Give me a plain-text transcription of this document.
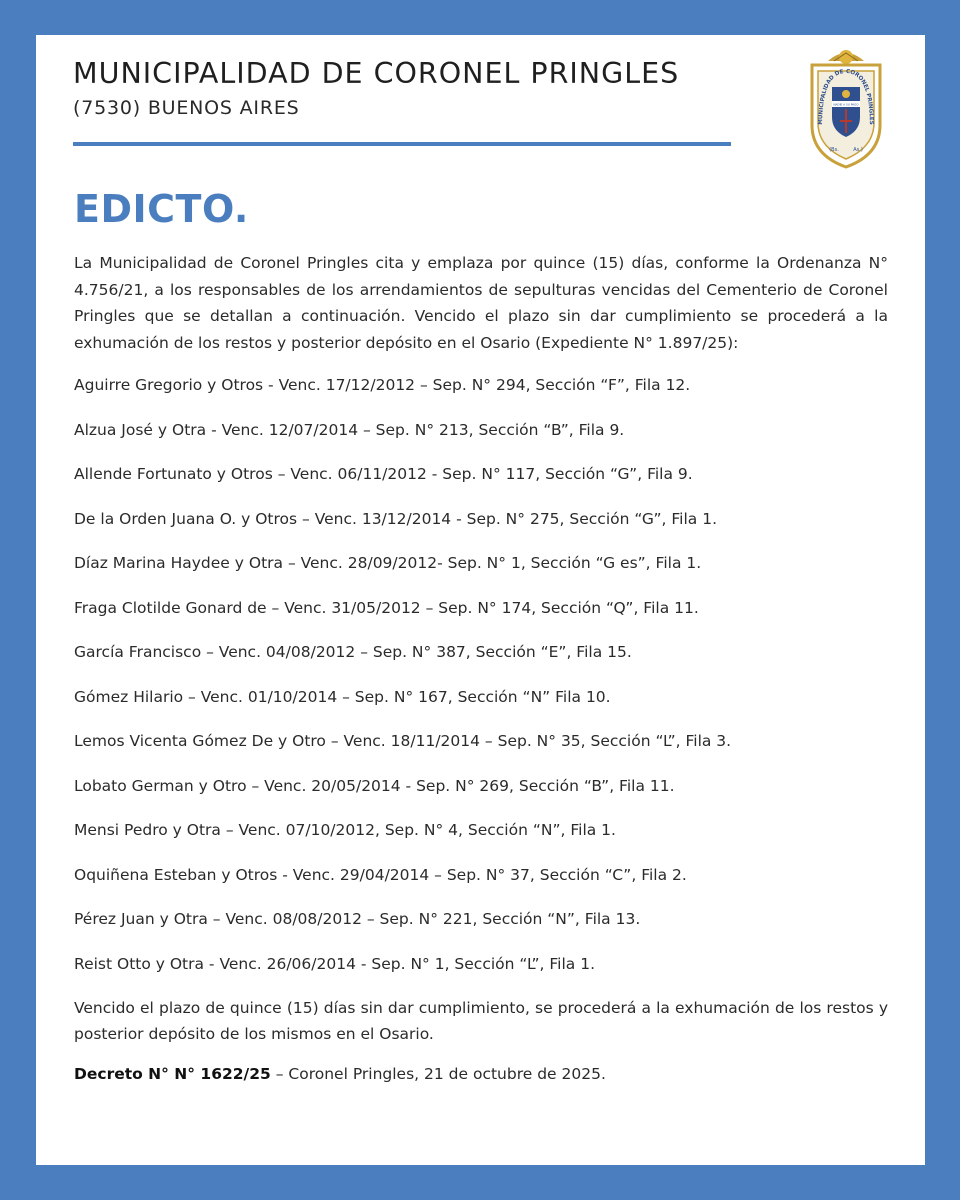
MUNICIPALIDAD DE CORONEL PRINGLES
(7530) BUENOS AIRES
MUNICIPALIDAD DE CORONEL PRINGLES
NADIE A SU PAGO
(Bs.	As.)
EDICTO.

La Municipalidad de Coronel Pringles cita y emplaza por quince (15) días, conforme la Ordenanza N° 4.756/21, a los responsables de los arrendamientos de sepulturas vencidas del Cementerio de Coronel Pringles que se detallan a continuación. Vencido el plazo sin dar cumplimiento se procederá a la exhumación de los restos y posterior depósito en el Osario (Expediente N° 1.897/25):

Aguirre Gregorio y Otros - Venc. 17/12/2012 – Sep. N° 294, Sección “F”, Fila 12.
Alzua José y Otra - Venc. 12/07/2014 – Sep. N° 213, Sección “B”, Fila 9.
Allende Fortunato y Otros – Venc. 06/11/2012 - Sep. N° 117, Sección “G”, Fila 9.
De la Orden Juana O. y Otros – Venc. 13/12/2014 - Sep. N° 275, Sección “G”, Fila 1.
Díaz Marina Haydee y Otra – Venc. 28/09/2012- Sep. N° 1, Sección “G es”, Fila 1.
Fraga Clotilde Gonard de – Venc. 31/05/2012 – Sep. N° 174, Sección “Q”, Fila 11.
García Francisco – Venc. 04/08/2012 – Sep. N° 387, Sección “E”, Fila 15.
Gómez Hilario – Venc. 01/10/2014 – Sep. N° 167, Sección “N” Fila 10.
Lemos Vicenta Gómez De y Otro – Venc. 18/11/2014 – Sep. N° 35, Sección “L”, Fila 3.
Lobato German y Otro – Venc. 20/05/2014 - Sep. N° 269, Sección “B”, Fila 11.
Mensi Pedro y Otra – Venc. 07/10/2012, Sep. N° 4, Sección “N”, Fila 1.
Oquiñena Esteban y Otros - Venc. 29/04/2014 – Sep. N° 37, Sección “C”, Fila 2.
Pérez Juan y Otra – Venc. 08/08/2012 – Sep. N° 221, Sección “N”, Fila 13.
Reist Otto y Otra - Venc. 26/06/2014 - Sep. N° 1, Sección “L”, Fila 1.

Vencido el plazo de quince (15) días sin dar cumplimiento, se procederá a la exhumación de los restos y posterior depósito de los mismos en el Osario.

Decreto N° N° 1622/25 – Coronel Pringles, 21 de octubre de 2025.
